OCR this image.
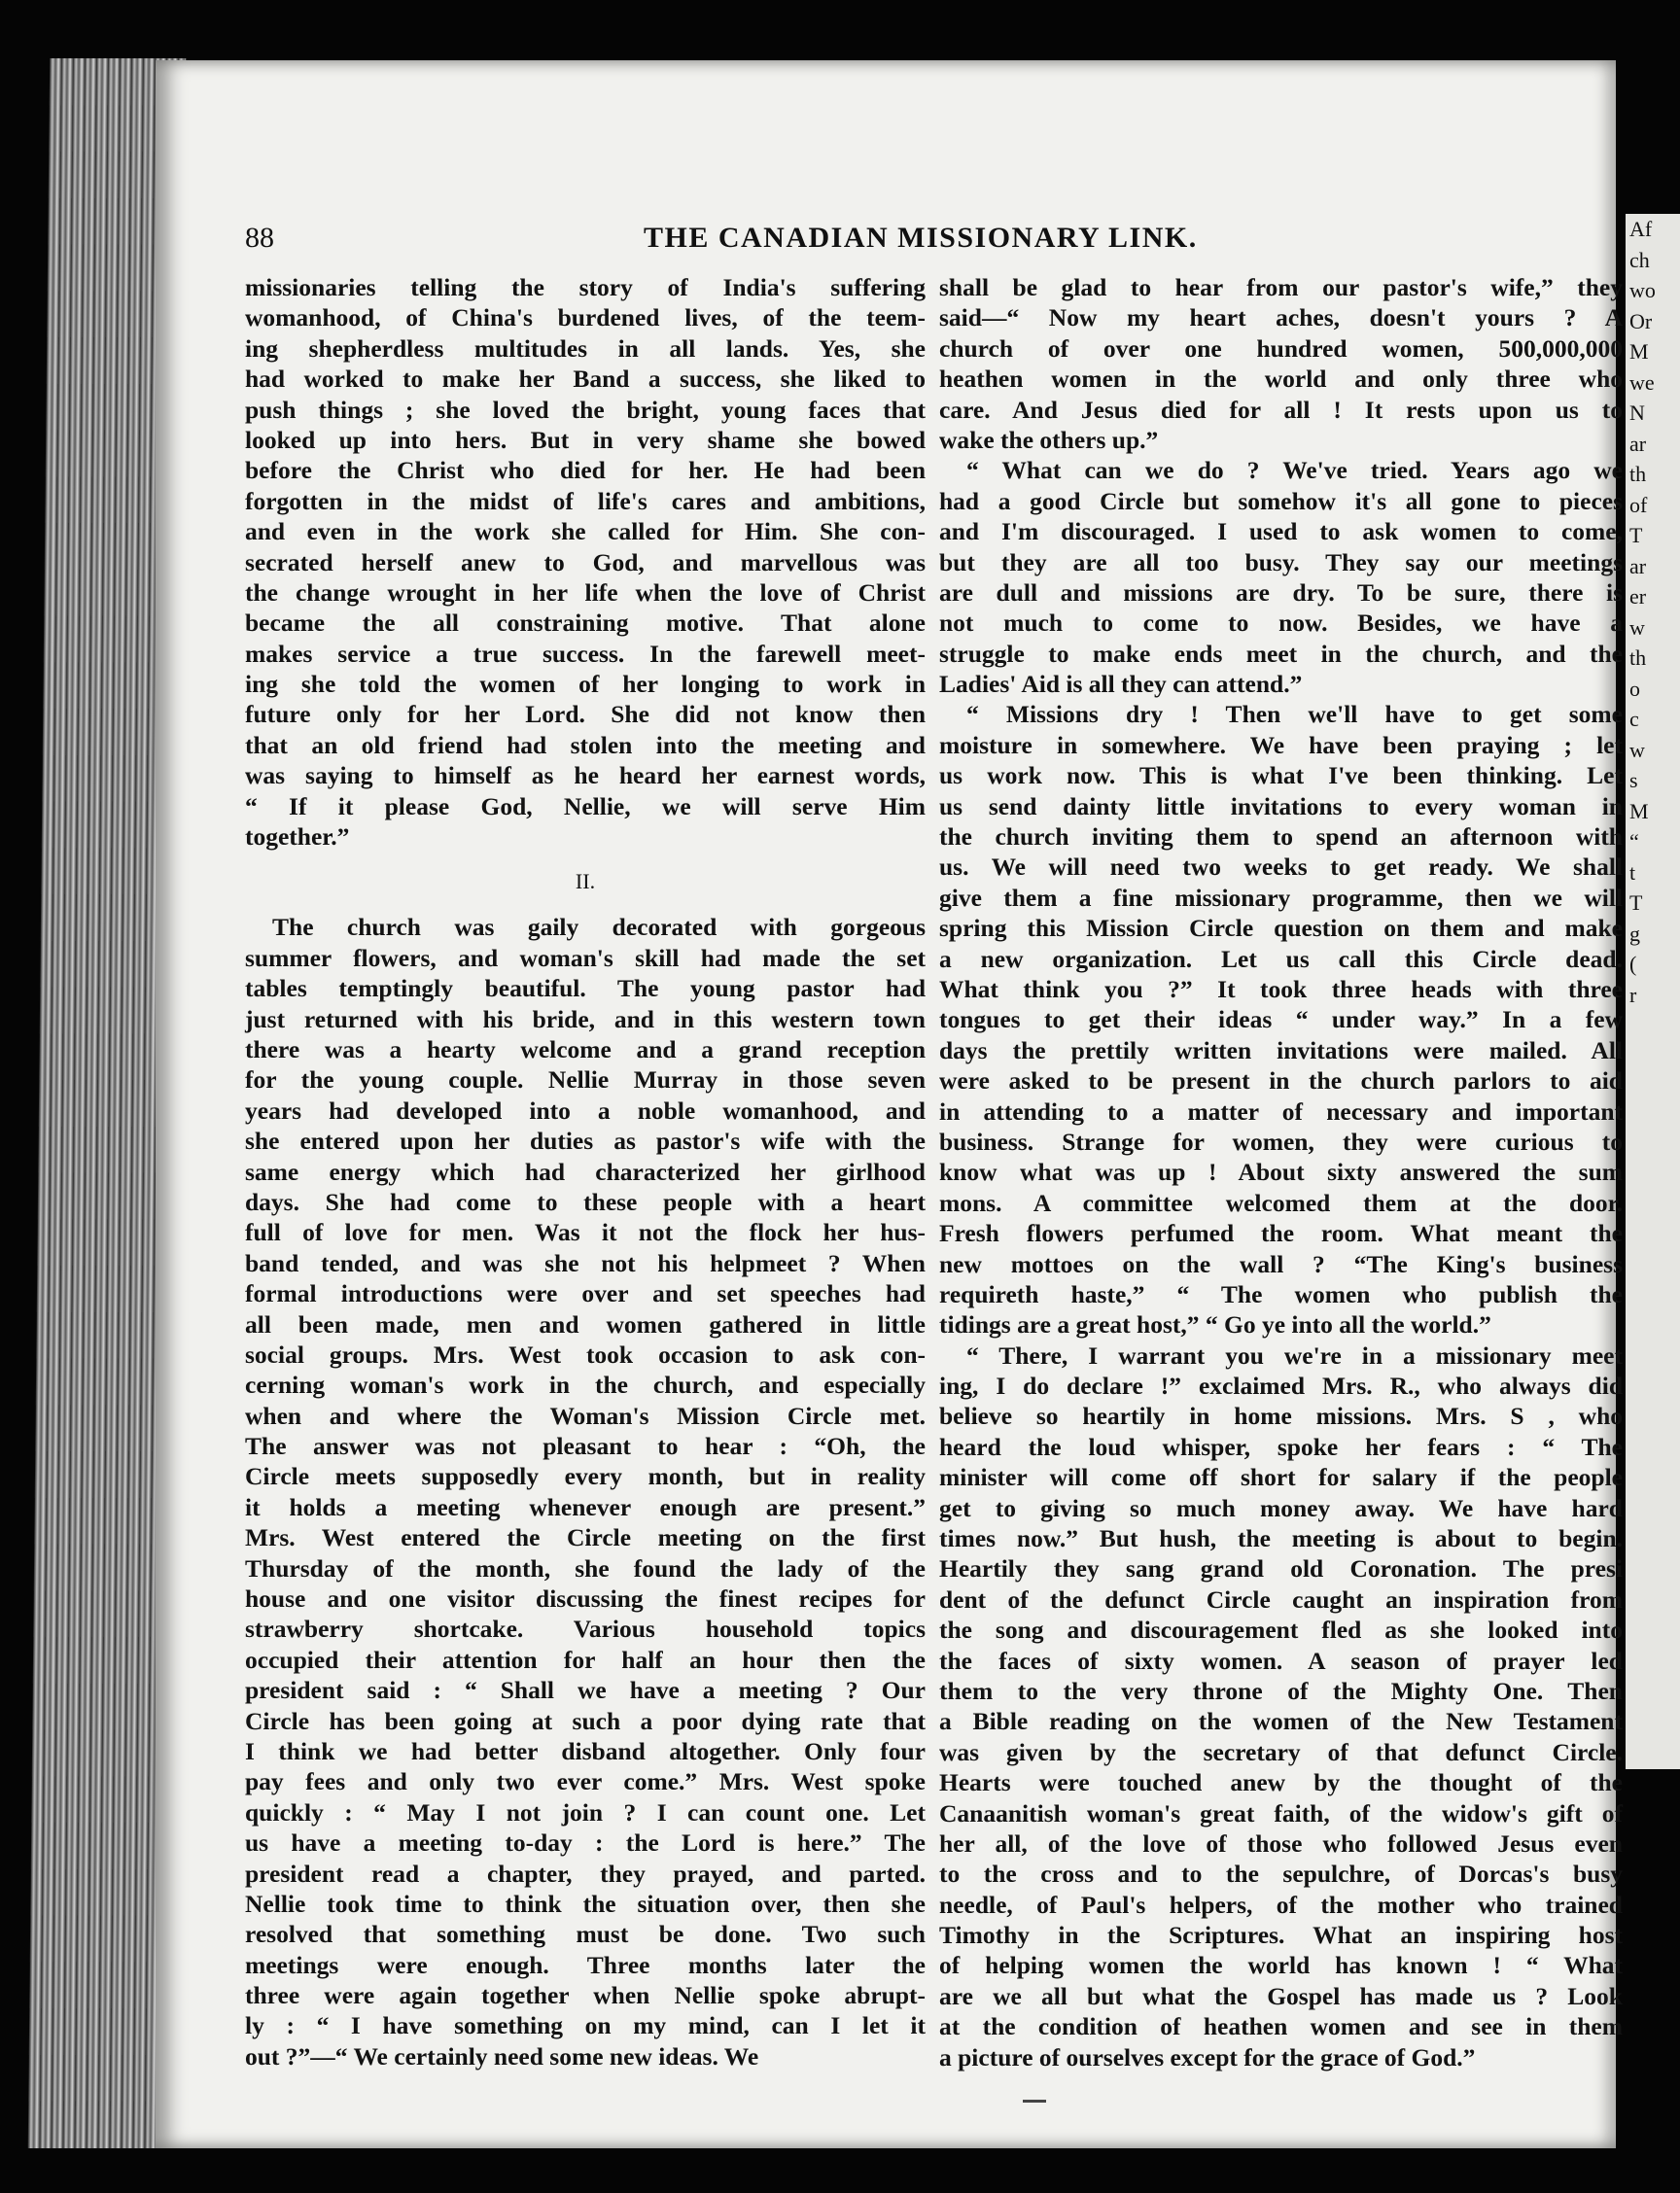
Af
ch
wo
Or
M
we
N
ar
th
of
T
ar
er
w
th
o
c
w
s
M
“
t
T
g
(
r
88	THE CANADIAN MISSIONARY LINK.
missionaries telling the story of India's suffering
womanhood, of China's burdened lives, of the teem-
ing shepherdless multitudes in all lands. Yes, she
had worked to make her Band a success, she liked to
push things ; she loved the bright, young faces that
looked up into hers. But in very shame she bowed
before the Christ who died for her. He had been
forgotten in the midst of life's cares and ambitions,
and even in the work she called for Him. She con-
secrated herself anew to God, and marvellous was
the change wrought in her life when the love of Christ
became the all constraining motive. That alone
makes service a true success. In the farewell meet-
ing she told the women of her longing to work in
future only for her Lord. She did not know then
that an old friend had stolen into the meeting and
was saying to himself as he heard her earnest words,
“ If it please God, Nellie, we will serve Him
together.”
II.
The church was gaily decorated with gorgeous
summer flowers, and woman's skill had made the set
tables temptingly beautiful. The young pastor had
just returned with his bride, and in this western town
there was a hearty welcome and a grand reception
for the young couple. Nellie Murray in those seven
years had developed into a noble womanhood, and
she entered upon her duties as pastor's wife with the
same energy which had characterized her girlhood
days. She had come to these people with a heart
full of love for men. Was it not the flock her hus-
band tended, and was she not his helpmeet ? When
formal introductions were over and set speeches had
all been made, men and women gathered in little
social groups. Mrs. West took occasion to ask con-
cerning woman's work in the church, and especially
when and where the Woman's Mission Circle met.
The answer was not pleasant to hear : “Oh, the
Circle meets supposedly every month, but in reality
it holds a meeting whenever enough are present.”
Mrs. West entered the Circle meeting on the first
Thursday of the month, she found the lady of the
house and one visitor discussing the finest recipes for
strawberry shortcake. Various household topics
occupied their attention for half an hour then the
president said : “ Shall we have a meeting ? Our
Circle has been going at such a poor dying rate that
I think we had better disband altogether. Only four
pay fees and only two ever come.” Mrs. West spoke
quickly : “ May I not join ? I can count one. Let
us have a meeting to-day : the Lord is here.” The
president read a chapter, they prayed, and parted.
Nellie took time to think the situation over, then she
resolved that something must be done. Two such
meetings were enough. Three months later the
three were again together when Nellie spoke abrupt-
ly : “ I have something on my mind, can I let it
out ?”—“ We certainly need some new ideas. We
shall be glad to hear from our pastor's wife,” they
said—“ Now my heart aches, doesn't yours ? A
church of over one hundred women, 500,000,000
heathen women in the world and only three who
care. And Jesus died for all ! It rests upon us to
wake the others up.”
“ What can we do ? We've tried. Years ago we
had a good Circle but somehow it's all gone to pieces
and I'm discouraged. I used to ask women to come,
but they are all too busy. They say our meetings
are dull and missions are dry. To be sure, there is
not much to come to now. Besides, we have a
struggle to make ends meet in the church, and the
Ladies' Aid is all they can attend.”
“ Missions dry ! Then we'll have to get some
moisture in somewhere. We have been praying ; let
us work now. This is what I've been thinking. Let
us send dainty little invitations to every woman in
the church inviting them to spend an afternoon with
us. We will need two weeks to get ready. We shall
give them a fine missionary programme, then we will
spring this Mission Circle question on them and make
a new organization. Let us call this Circle dead.
What think you ?” It took three heads with three
tongues to get their ideas “ under way.” In a few
days the prettily written invitations were mailed. All
were asked to be present in the church parlors to aid
in attending to a matter of necessary and important
business. Strange for women, they were curious to
know what was up ! About sixty answered the sum
mons. A committee welcomed them at the door.
Fresh flowers perfumed the room. What meant the
new mottoes on the wall ? “The King's business
requireth haste,” “ The women who publish the
tidings are a great host,” “ Go ye into all the world.”
“ There, I warrant you we're in a missionary meet
ing, I do declare !” exclaimed Mrs. R., who always did
believe so heartily in home missions. Mrs. S , who
heard the loud whisper, spoke her fears : “ The
minister will come off short for salary if the people
get to giving so much money away. We have hard
times now.” But hush, the meeting is about to begin.
Heartily they sang grand old Coronation. The presi
dent of the defunct Circle caught an inspiration from
the song and discouragement fled as she looked into
the faces of sixty women. A season of prayer led
them to the very throne of the Mighty One. Then
a Bible reading on the women of the New Testament
was given by the secretary of that defunct Circle.
Hearts were touched anew by the thought of the
Canaanitish woman's great faith, of the widow's gift of
her all, of the love of those who followed Jesus even
to the cross and to the sepulchre, of Dorcas's busy
needle, of Paul's helpers, of the mother who trained
Timothy in the Scriptures. What an inspiring host
of helping women the world has known ! “ What
are we all but what the Gospel has made us ? Look
at the condition of heathen women and see in them
a picture of ourselves except for the grace of God.”
